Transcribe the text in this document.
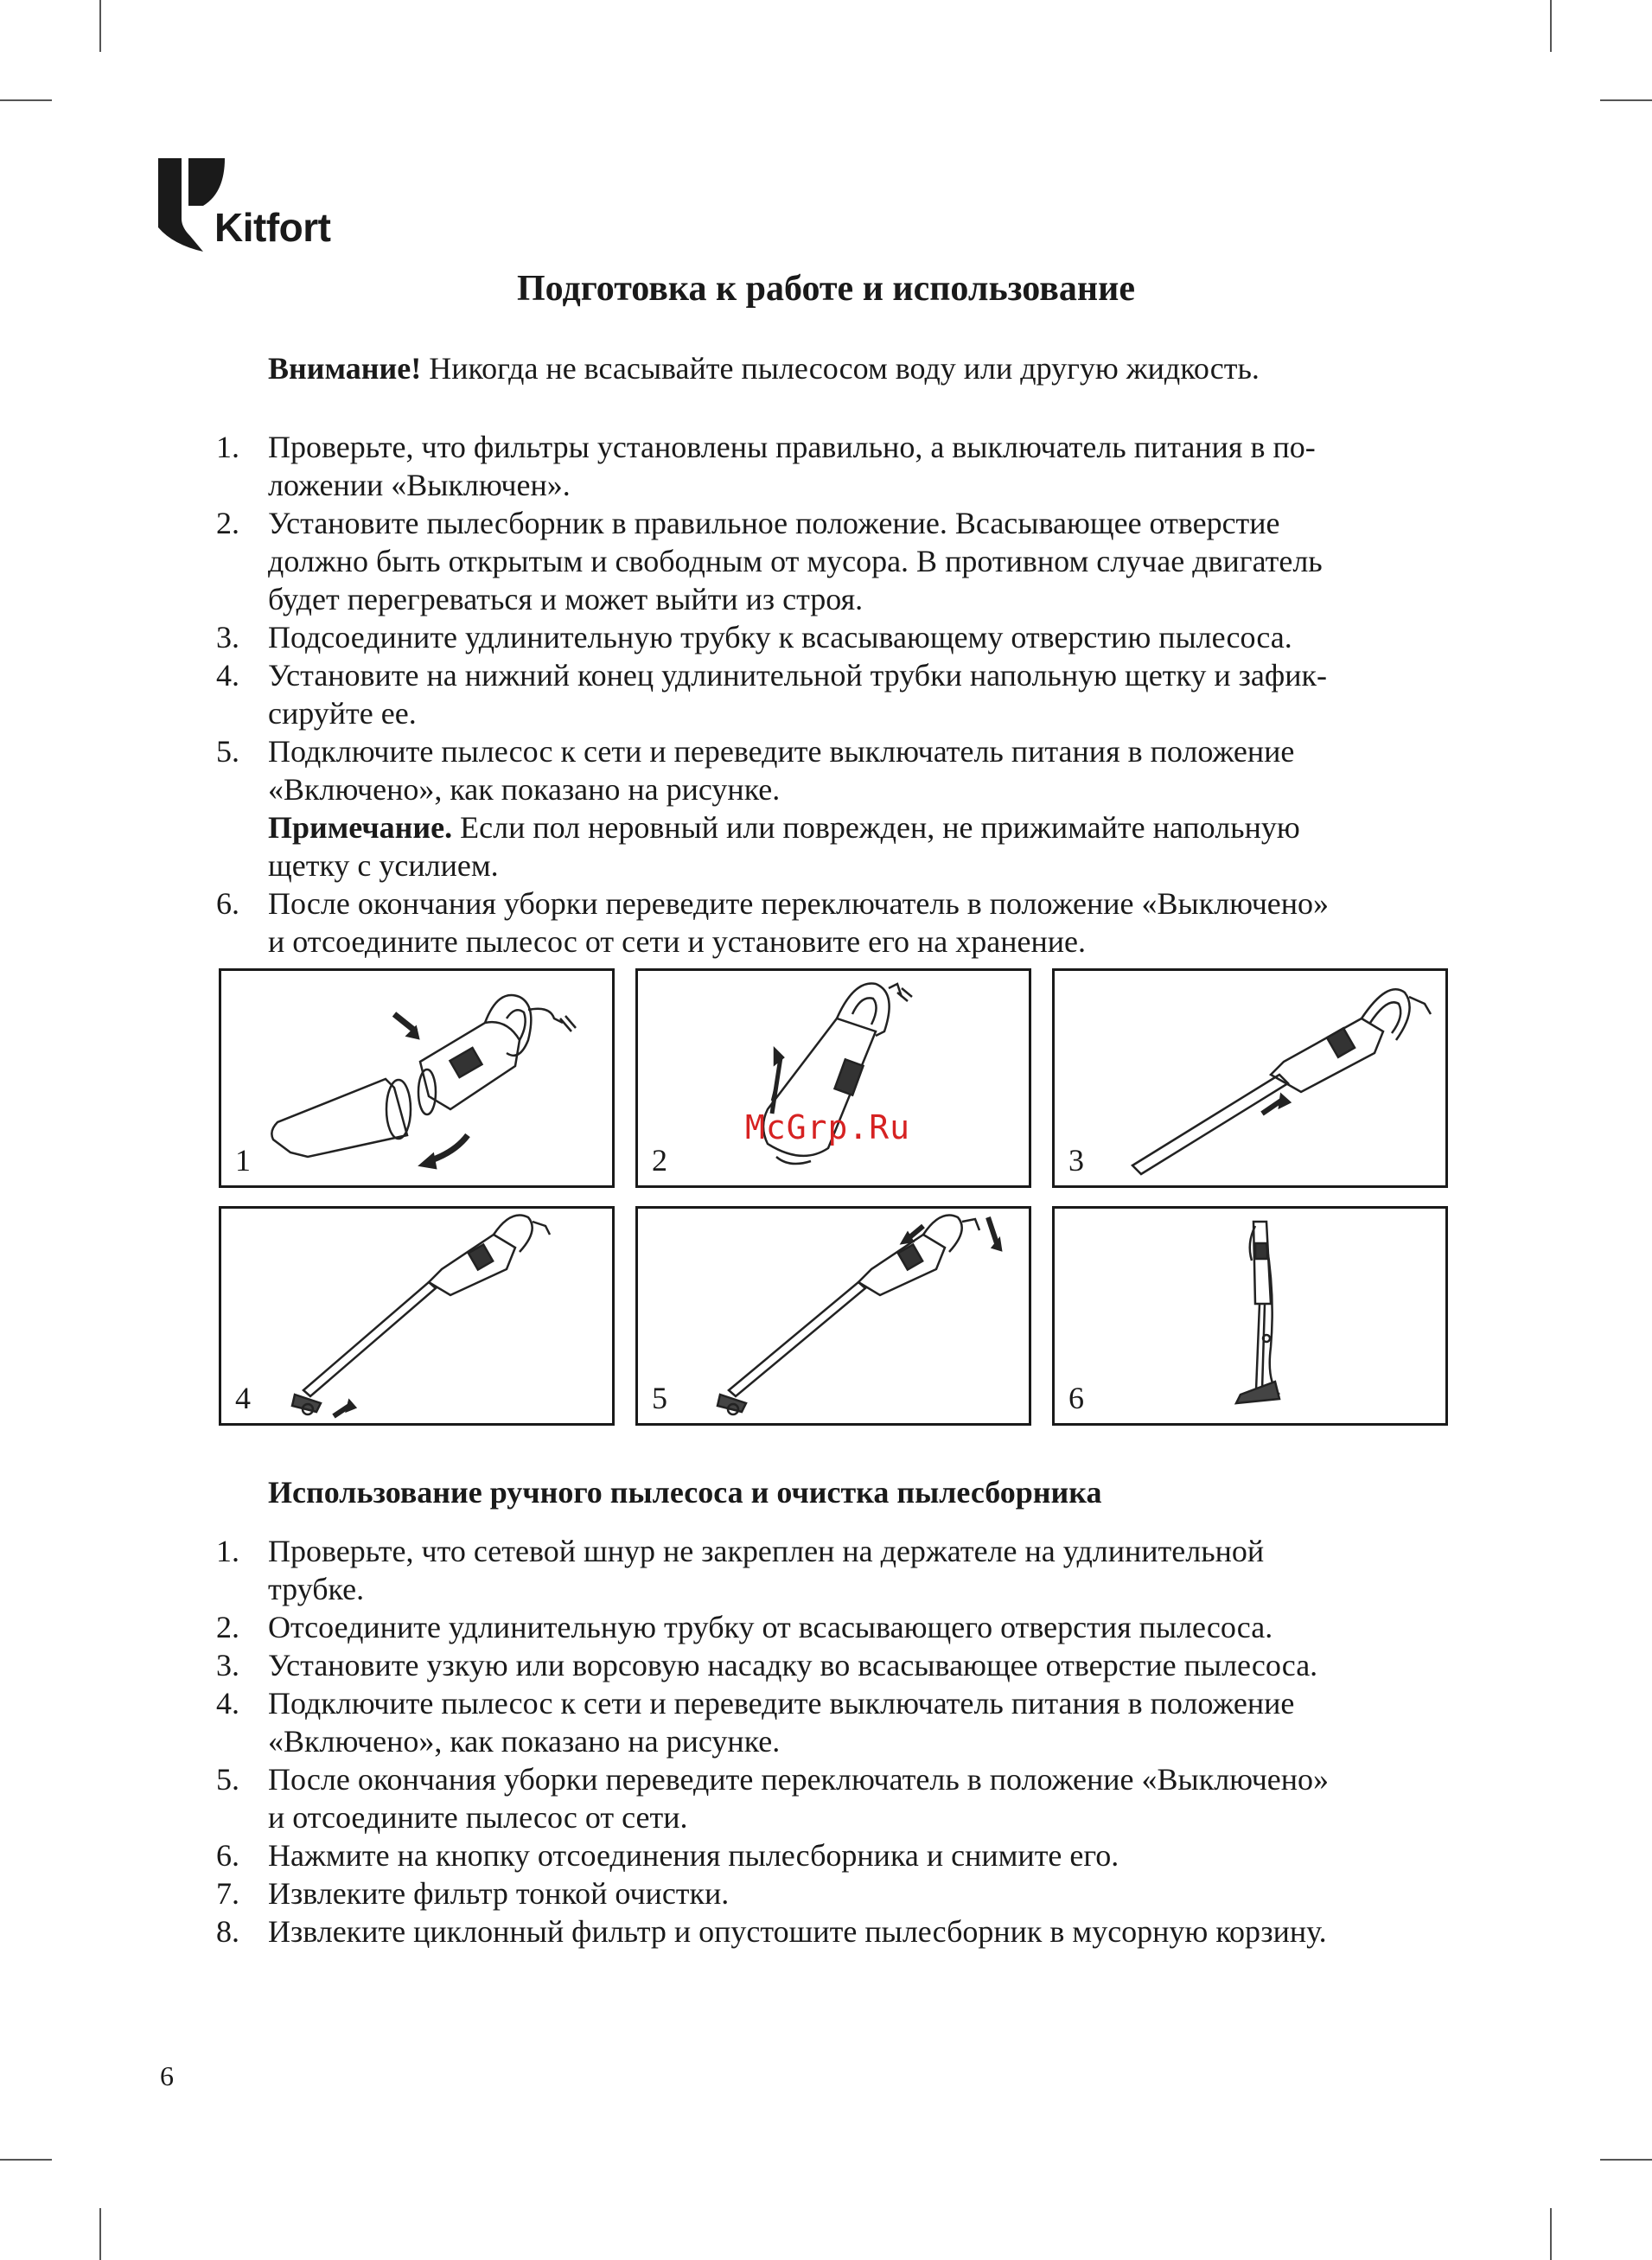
Kitfort
Подготовка к работе и использование
Внимание! Никогда не всасывайте пылесосом воду или другую жидкость.
1. Проверьте, что фильтры установлены правильно, а выключатель питания в по-
ложении «Выключен».
2. Установите пылесборник в правильное положение. Всасывающее отверстие
должно быть открытым и свободным от мусора. В противном случае двигатель
будет перегреваться и может выйти из строя.
3. Подсоедините удлинительную трубку к всасывающему отверстию пылесоса.
4. Установите на нижний конец удлинительной трубки напольную щетку и зафик-
сируйте ее.
5. Подключите пылесос к сети и переведите выключатель питания в положение
«Включено», как показано на рисунке.
Примечание. Если пол неровный или поврежден, не прижимайте напольную
щетку с усилием.
6. После окончания уборки переведите переключатель в положение «Выключено»
и отсоедините пылесос от сети и установите его на хранение.
1	2	3
4	5	6
McGrp.Ru
Использование ручного пылесоса и очистка пылесборника
1. Проверьте, что сетевой шнур не закреплен на держателе на удлинительной
трубке.
2. Отсоедините удлинительную трубку от всасывающего отверстия пылесоса.
3. Установите узкую или ворсовую насадку во всасывающее отверстие пылесоса.
4. Подключите пылесос к сети и переведите выключатель питания в положение
«Включено», как показано на рисунке.
5. После окончания уборки переведите переключатель в положение «Выключено»
и отсоедините пылесос от сети.
6. Нажмите на кнопку отсоединения пылесборника и снимите его.
7. Извлеките фильтр тонкой очистки.
8. Извлеките циклонный фильтр и опустошите пылесборник в мусорную корзину.
6
